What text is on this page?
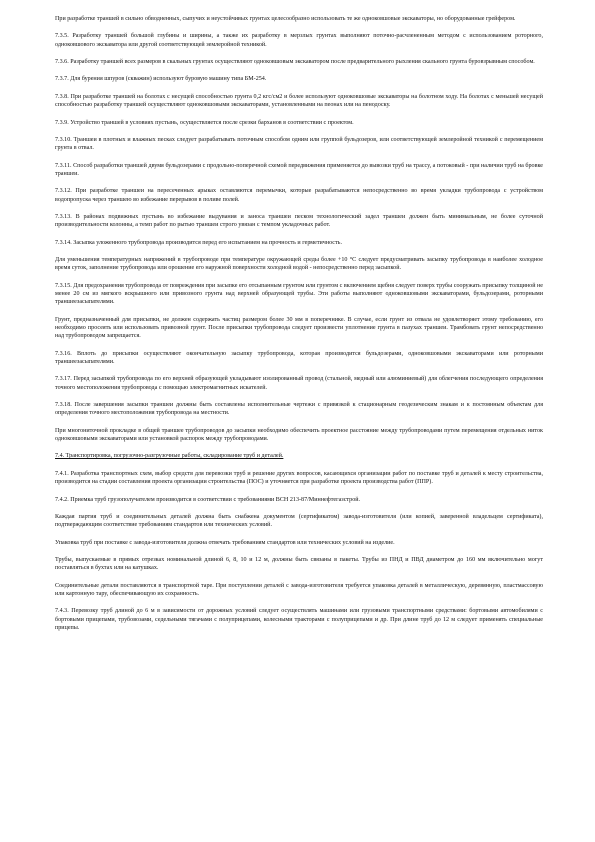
При разработке траншей в сильно обводненных, сыпучих и неустойчивых грунтах целесообразно использовать те же одноковшовые экскаваторы, но оборудованные грейфером.

7.3.5. Разработку траншей большой глубины и ширины, а также их разработку в мерзлых грунтах выполняют поточно-расчлененным методом с использованием роторного, одноковшового экскаватора или другой соответствующей землеройной техникой.

7.3.6. Разработку траншей всех размеров в скальных грунтах осуществляют одноковшовым экскаватором после предварительного рыхления скального грунта буровзрывным способом.

7.3.7. Для бурения шпуров (скважин) используют буровую машину типа БМ-254.

7.3.8. При разработке траншей на болотах с несущей способностью грунта 0,2 кгс/см2 и более используют одноковшовые экскаваторы на болотном ходу. На болотах с меньшей несущей способностью разработку траншей осуществляют одноковшовыми экскаваторами, установленными на пеонах или на пенодоску.

7.3.9. Устройство траншей в условиях пустынь, осуществляется после срезки барханов в соответствии с проектом.

7.3.10. Траншеи в плотных и влажных песках следует разрабатывать поточным способом одним или группой бульдозеров, или соответствующей землеройной техникой с перемещением грунта в отвал.

7.3.11. Способ разработки траншей двумя бульдозерами с продольно-поперечной схемой передвижения применяется до вывозки труб на трассу, а потоковый - при наличии труб на бровке траншеи.

7.3.12. При разработке траншеи на пересеченных арыках оставляются перемычки, которые разрабатываются непосредственно во время укладки трубопровода с устройством водопропуска через траншею во избежание перерывов в поливе полей.

7.3.13. В районах подвижных пустынь во избежание выдувания и заноса траншеи песком технологический задел траншеи должен быть минимальным, не более суточной производительности колонны, а темп работ по рытью траншеи строго увязан с темпом укладочных работ.

7.3.14. Засыпка уложенного трубопровода производится перед его испытанием на прочность и герметичность.

Для уменьшения температурных напряжений в трубопроводе при температуре окружающей среды более +10 °С следует предусматривать засыпку трубопровода в наиболее холодное время суток, заполнение трубопровода или орошение его наружной поверхности холодной водой - непосредственно перед засыпкой.

7.3.15. Для предохранения трубопровода от повреждения при засыпке его отсыпанным грунтом или грунтом с включением щебня следует поверх трубы сооружать присыпку толщиной не менее 20 см из мягкого вскрышного или привозного грунта над верхней образующей трубы. Эти работы выполняют одноковшовыми экскаваторами, бульдозерами, роторными траншеезасыпателями.

Грунт, предназначенный для присыпки, не должен содержать частиц размером более 30 мм в поперечнике. В случае, если грунт из отвала не удовлетворяет этому требованию, его необходимо просеять или использовать привозной грунт. После присыпки трубопровода следует произвести уплотнение грунта в пазухах траншеи. Трамбовать грунт непосредственно над трубопроводом запрещается.

7.3.16. Вплоть до присыпки осуществляют окончательную засыпку трубопровода, которая производится бульдозерами, одноковшовыми экскаваторами или роторными траншеезасыпателями.

7.3.17. Перед засыпкой трубопровода по его верхней образующей укладывают изолированный провод (стальной, медный или алюминиевый) для облегчения последующего определения точного местоположения трубопровода с помощью электромагнитных искателей.

7.3.18. После завершения засыпки траншеи должны быть составлены исполнительные чертежи с привязкой к стационарным геодезическим знакам и к постоянным объектам для определения точного местоположения трубопровода на местности.

При многониточной прокладке в общей траншее трубопроводов до засыпки необходимо обеспечить проектное расстояние между трубопроводами путем перемещения отдельных ниток одноковшовыми экскаваторами или установкой распорок между трубопроводами.

7.4. Транспортировка, погрузочно-разгрузочные работы, складирование труб и деталей.

7.4.1. Разработка транспортных схем, выбор средств для перевозки труб и решение других вопросов, касающихся организации работ по поставке труб и деталей к месту строительства, производится на стадии составления проекта организации строительства (ПОС) и уточняется при разработке проекта производства работ (ППР).

7.4.2. Приемка труб грузополучателем производится в соответствии с требованиями ВСН 213-87/Миннефтегазстрой.

Каждая партия труб и соединительных деталей должна быть снабжена документом (сертификатом) завода-изготовителя (или копией, заверенной владельцем сертификата), подтверждающим соответствие требованиям стандартов или технических условий.

Упаковка труб при поставке с завода-изготовителя должна отвечать требованиям стандартов или технических условий на изделие.

Трубы, выпускаемые в прямых отрезках номинальной длиной 6, 8, 10 и 12 м, должны быть связаны в пакеты. Трубы из ПНД и ПВД диаметром до 160 мм включительно могут поставляться в бухтах или на катушках.

Соединительные детали поставляются в транспортной таре. При поступлении деталей с завода-изготовителя требуется упаковка деталей в металлическую, деревянную, пластмассовую или картонную тару, обеспечивающую их сохранность.

7.4.3. Перевозку труб длиной до 6 м в зависимости от дорожных условий следует осуществлять машинами или грузовыми транспортными средствами: бортовыми автомобилями с бортовыми прицепами, трубовозами, седельными тягачами с полуприцепами, колесными тракторами с полуприцепами и др. При длине труб до 12 м следует применять специальные прицепы.
